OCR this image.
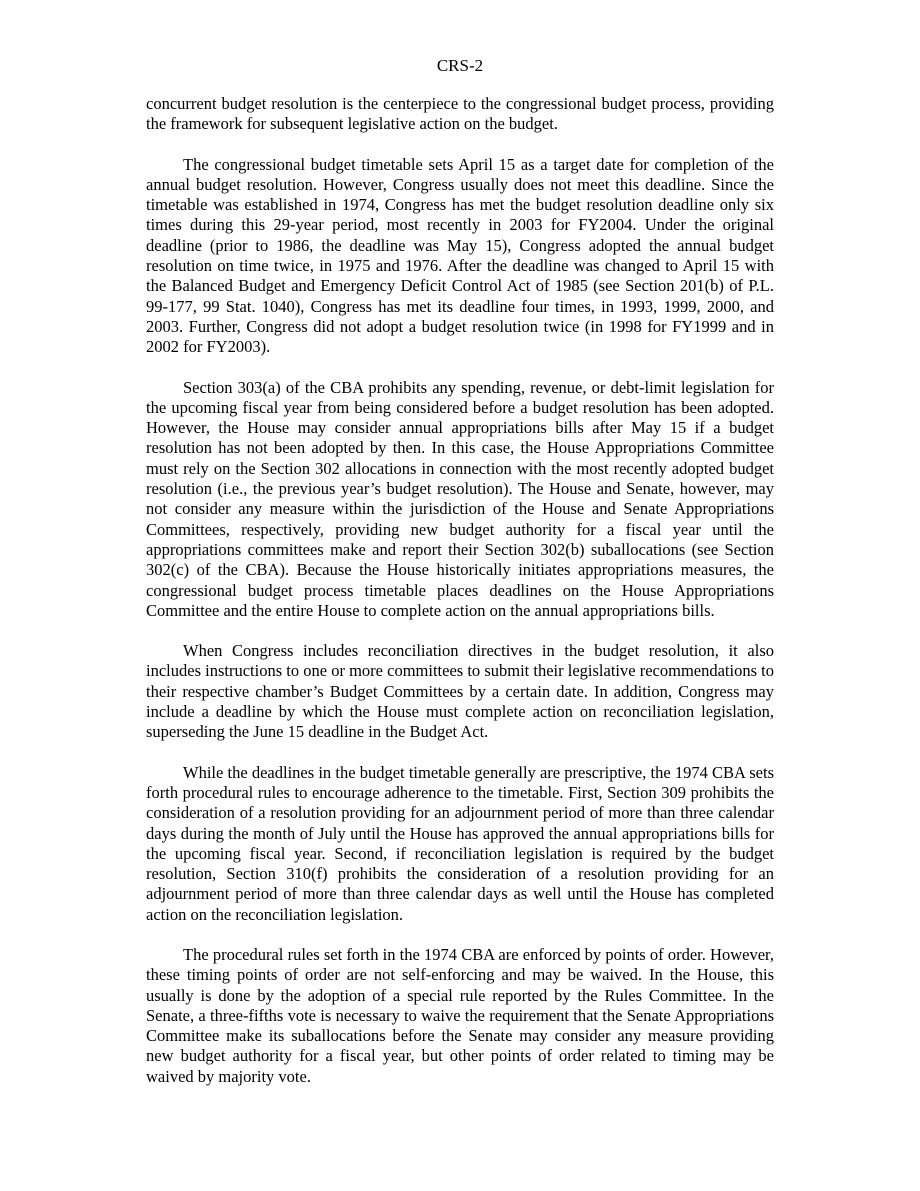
CRS-2

concurrent budget resolution is the centerpiece to the congressional budget process, providing the framework for subsequent legislative action on the budget.

The congressional budget timetable sets April 15 as a target date for completion of the annual budget resolution. However, Congress usually does not meet this deadline. Since the timetable was established in 1974, Congress has met the budget resolution deadline only six times during this 29-year period, most recently in 2003 for FY2004. Under the original deadline (prior to 1986, the deadline was May 15), Congress adopted the annual budget resolution on time twice, in 1975 and 1976. After the deadline was changed to April 15 with the Balanced Budget and Emergency Deficit Control Act of 1985 (see Section 201(b) of P.L. 99-177, 99 Stat. 1040), Congress has met its deadline four times, in 1993, 1999, 2000, and 2003. Further, Congress did not adopt a budget resolution twice (in 1998 for FY1999 and in 2002 for FY2003).

Section 303(a) of the CBA prohibits any spending, revenue, or debt-limit legislation for the upcoming fiscal year from being considered before a budget resolution has been adopted. However, the House may consider annual appropriations bills after May 15 if a budget resolution has not been adopted by then. In this case, the House Appropriations Committee must rely on the Section 302 allocations in connection with the most recently adopted budget resolution (i.e., the previous year’s budget resolution). The House and Senate, however, may not consider any measure within the jurisdiction of the House and Senate Appropriations Committees, respectively, providing new budget authority for a fiscal year until the appropriations committees make and report their Section 302(b) suballocations (see Section 302(c) of the CBA). Because the House historically initiates appropriations measures, the congressional budget process timetable places deadlines on the House Appropriations Committee and the entire House to complete action on the annual appropriations bills.

When Congress includes reconciliation directives in the budget resolution, it also includes instructions to one or more committees to submit their legislative recommendations to their respective chamber’s Budget Committees by a certain date. In addition, Congress may include a deadline by which the House must complete action on reconciliation legislation, superseding the June 15 deadline in the Budget Act.

While the deadlines in the budget timetable generally are prescriptive, the 1974 CBA sets forth procedural rules to encourage adherence to the timetable. First, Section 309 prohibits the consideration of a resolution providing for an adjournment period of more than three calendar days during the month of July until the House has approved the annual appropriations bills for the upcoming fiscal year. Second, if reconciliation legislation is required by the budget resolution, Section 310(f) prohibits the consideration of a resolution providing for an adjournment period of more than three calendar days as well until the House has completed action on the reconciliation legislation.

The procedural rules set forth in the 1974 CBA are enforced by points of order. However, these timing points of order are not self-enforcing and may be waived. In the House, this usually is done by the adoption of a special rule reported by the Rules Committee. In the Senate, a three-fifths vote is necessary to waive the requirement that the Senate Appropriations Committee make its suballocations before the Senate may consider any measure providing new budget authority for a fiscal year, but other points of order related to timing may be waived by majority vote.
